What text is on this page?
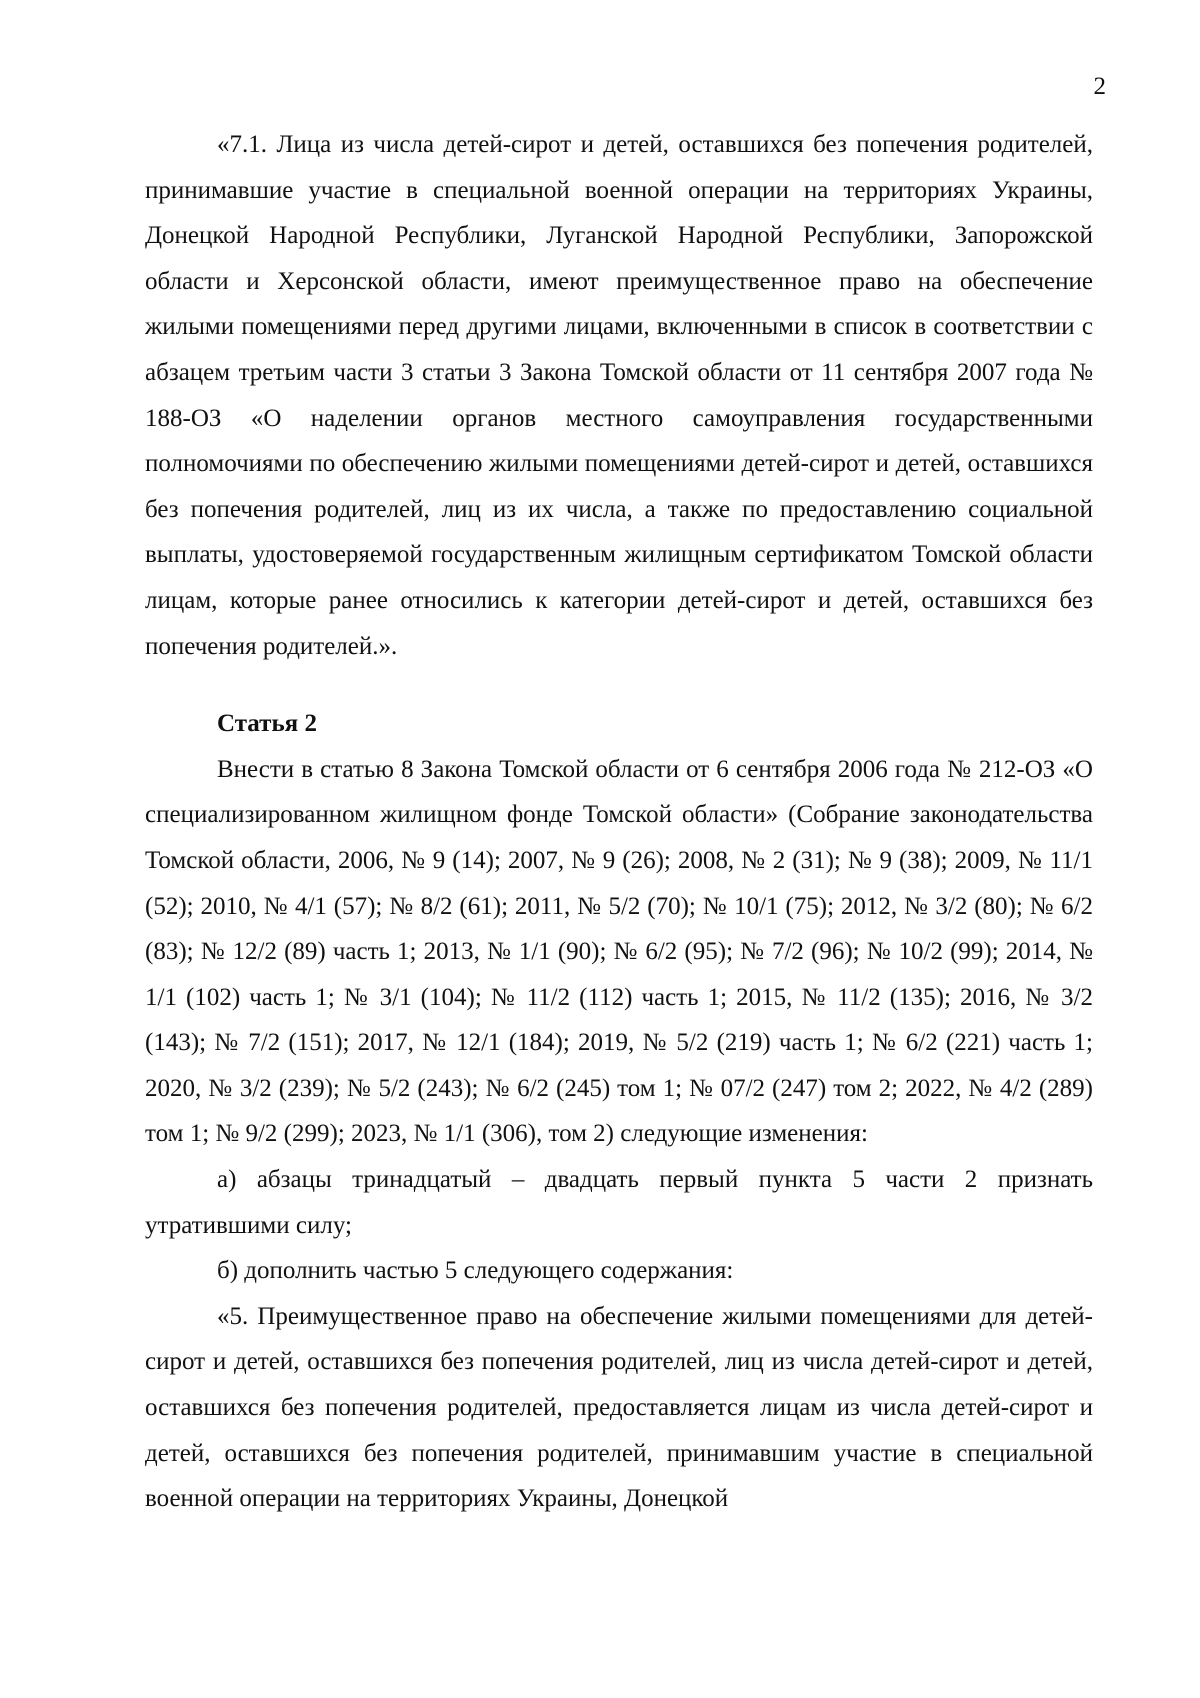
2

«7.1. Лица из числа детей-сирот и детей, оставшихся без попечения родителей, принимавшие участие в специальной военной операции на территориях Украины, Донецкой Народной Республики, Луганской Народной Республики, Запорожской области и Херсонской области, имеют преимущественное право на обеспечение жилыми помещениями перед другими лицами, включенными в список в соответствии с абзацем третьим части 3 статьи 3 Закона Томской области от 11 сентября 2007 года № 188-ОЗ «О наделении органов местного самоуправления государственными полномочиями по обеспечению жилыми помещениями детей-сирот и детей, оставшихся без попечения родителей, лиц из их числа, а также по предоставлению социальной выплаты, удостоверяемой государственным жилищным сертификатом Томской области лицам, которые ранее относились к категории детей-сирот и детей, оставшихся без попечения родителей.».

Статья 2

Внести в статью 8 Закона Томской области от 6 сентября 2006 года № 212-ОЗ «О специализированном жилищном фонде Томской области» (Собрание законодательства Томской области, 2006, № 9 (14); 2007, № 9 (26); 2008, № 2 (31); № 9 (38); 2009, № 11/1 (52); 2010, № 4/1 (57); № 8/2 (61); 2011, № 5/2 (70); № 10/1 (75); 2012, № 3/2 (80); № 6/2 (83); № 12/2 (89) часть 1; 2013, № 1/1 (90); № 6/2 (95); № 7/2 (96); № 10/2 (99); 2014, № 1/1 (102) часть 1; № 3/1 (104); № 11/2 (112) часть 1; 2015, № 11/2 (135); 2016, № 3/2 (143); № 7/2 (151); 2017, № 12/1 (184); 2019, № 5/2 (219) часть 1; № 6/2 (221) часть 1; 2020, № 3/2 (239); № 5/2 (243); № 6/2 (245) том 1; № 07/2 (247) том 2; 2022, № 4/2 (289) том 1; № 9/2 (299); 2023, № 1/1 (306), том 2) следующие изменения:

а) абзацы тринадцатый – двадцать первый пункта 5 части 2 признать утратившими силу;

б) дополнить частью 5 следующего содержания:

«5. Преимущественное право на обеспечение жилыми помещениями для детей-сирот и детей, оставшихся без попечения родителей, лиц из числа детей-сирот и детей, оставшихся без попечения родителей, предоставляется лицам из числа детей-сирот и детей, оставшихся без попечения родителей, принимавшим участие в специальной военной операции на территориях Украины, Донецкой
